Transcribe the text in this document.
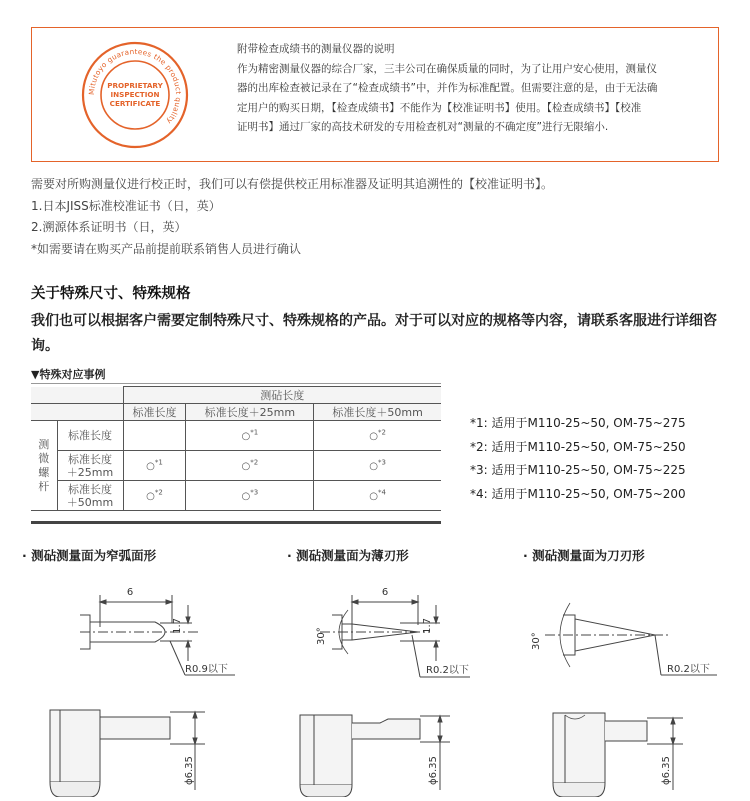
Mitutoyo guarantees the product quality
PROPRIETARY
INSPECTION
CERTIFICATE

附带检查成绩书的测量仪器的说明

作为精密测量仪器的综合厂家，三丰公司在确保质量的同时，为了让用户安心使用，测量仪

器的出库检查被记录在了“检查成绩书”中，并作为标准配置。但需要注意的是，由于无法确

定用户的购买日期，【检查成绩书】不能作为【校准证明书】使用。【检查成绩书】【校准

证明书】通过厂家的高技术研发的专用检查机对“测量的不确定度”进行无限缩小.

需要对所购测量仪进行校正时，我们可以有偿提供校正用标准器及证明其追溯性的【校准证明书】。

1.日本JISS标准校准证书（日，英）

2.溯源体系证明书（日，英）

*如需要请在购买产品前提前联系销售人员进行确认

关于特殊尺寸、特殊规格
我们也可以根据客户需要定制特殊尺寸、特殊规格的产品。对于可以对应的规格等内容，请联系客服进行详细咨询。
▼特殊对应事例
		测砧长度		
		标准长度	标准长度＋25mm	标准长度＋50mm
测
微
螺
杆	标准长度		○$^{*1}$	○$^{*2}$
	标准长度
＋25mm	○$^{*1}$	○$^{*2}$	○$^{*3}$
	标准长度
＋50mm	○$^{*2}$	○$^{*3}$	○$^{*4}$

*1: 适用于M110-25~50, OM-75~275

*2: 适用于M110-25~50, OM-75~250

*3: 适用于M110-25~50, OM-75~225

*4: 适用于M110-25~50, OM-75~200

· 测砧测量面为窄弧面形	· 测砧测量面为薄刃形	· 测砧测量面为刀刃形
6
1.7
R0.9以下
ϕ6.35
6
1.7
30°
R0.2以下
ϕ6.35
30°
R0.2以下
ϕ6.35
